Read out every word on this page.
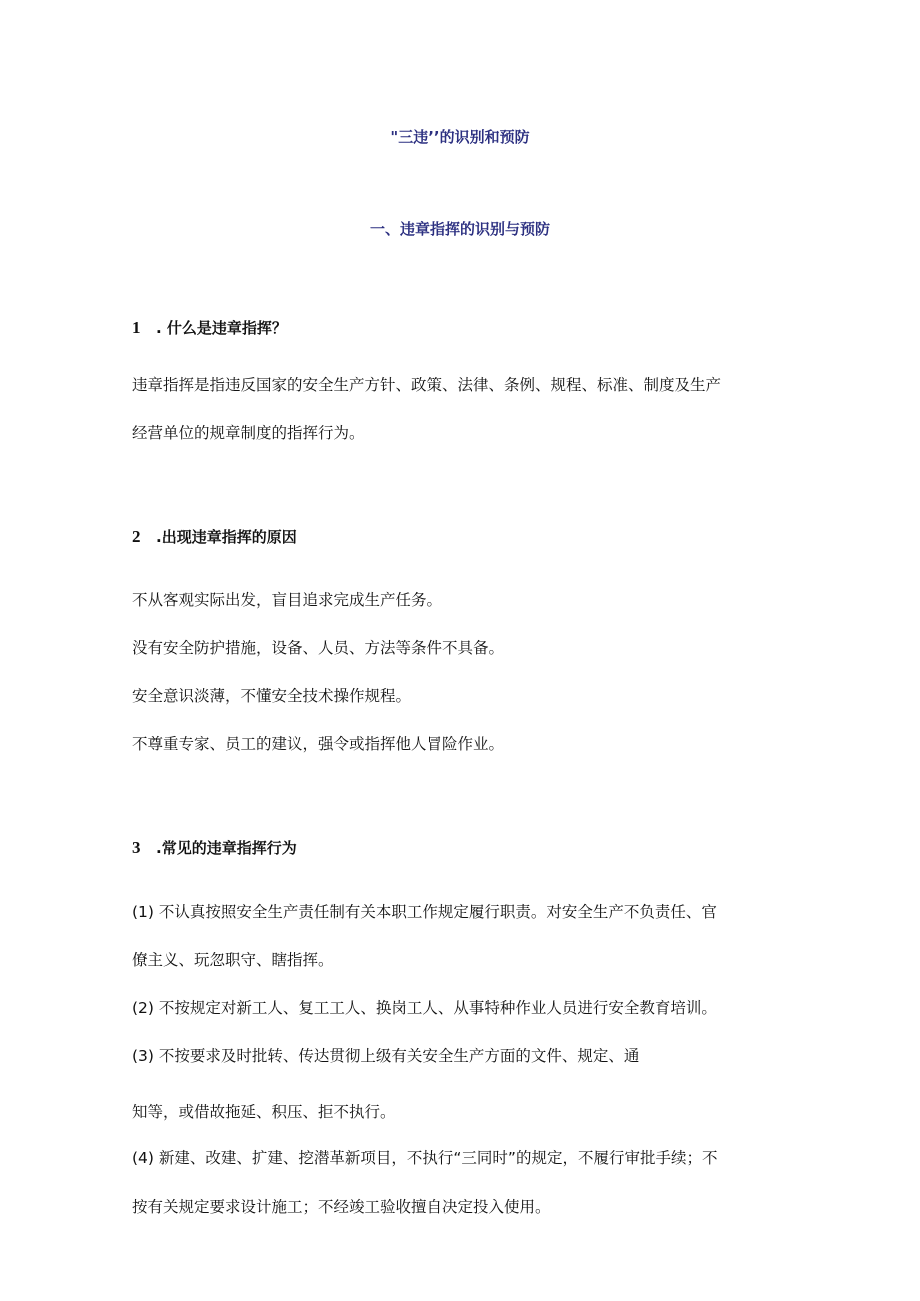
"三违’’的识别和预防
一、违章指挥的识别与预防
1 . 什么是违章指挥？
违章指挥是指违反国家的安全生产方针、政策、法律、条例、规程、标准、制度及生产
经营单位的规章制度的指挥行为。
2 .出现违章指挥的原因
不从客观实际出发，盲目追求完成生产任务。
没有安全防护措施，设备、人员、方法等条件不具备。
安全意识淡薄，不懂安全技术操作规程。
不尊重专家、员工的建议，强令或指挥他人冒险作业。
3 .常见的违章指挥行为
(1) 不认真按照安全生产责任制有关本职工作规定履行职责。对安全生产不负责任、官
僚主义、玩忽职守、瞎指挥。
(2) 不按规定对新工人、复工工人、换岗工人、从事特种作业人员进行安全教育培训。
(3) 不按要求及时批转、传达贯彻上级有关安全生产方面的文件、规定、通
知等，或借故拖延、积压、拒不执行。
(4) 新建、改建、扩建、挖潜革新项目，不执行“三同时”的规定，不履行审批手续；不
按有关规定要求设计施工；不经竣工验收擅自决定投入使用。
